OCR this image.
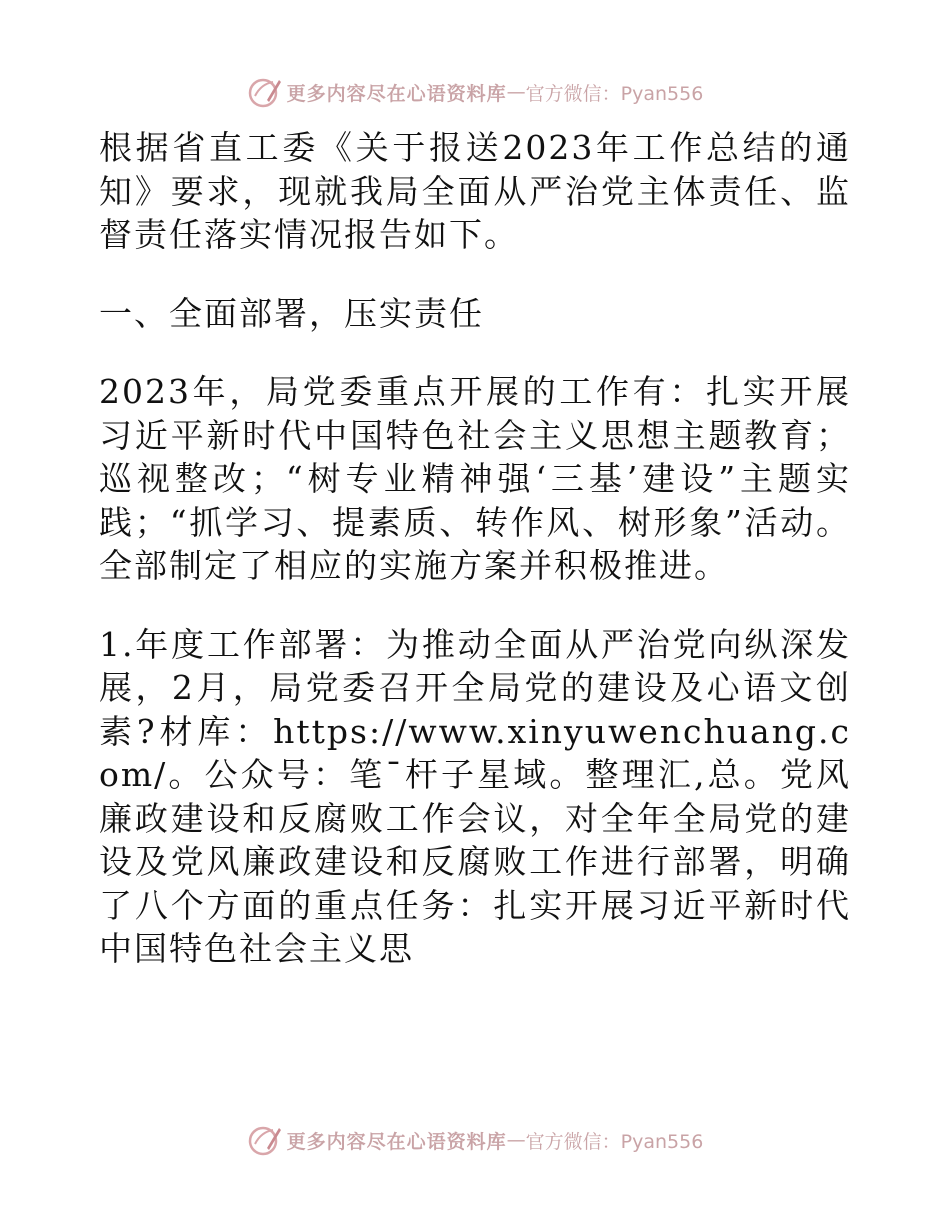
更多内容尽在心语资料库 — 官方微信：Pyan556

根据省直工委《关于报送2023年工作总结的通知》要求，现就我局全面从严治党主体责任、监督责任落实情况报告如下。

一、全面部署，压实责任

2023年，局党委重点开展的工作有：扎实开展习近平新时代中国特色社会主义思想主题教育；巡视整改；“树专业精神强‘三基’建设”主题实践；“抓学习、提素质、转作风、树形象”活动。全部制定了相应的实施方案并积极推进。

1.年度工作部署：为推动全面从严治党向纵深发展，2月，局党委召开全局党的建设及心语文创素?材库：https://www.xinyuwenchuang.com/。公众号：笔¯杆子星域。整理汇,总。党风廉政建设和反腐败工作会议，对全年全局党的建设及党风廉政建设和反腐败工作进行部署，明确了八个方面的重点任务：扎实开展习近平新时代中国特色社会主义思

更多内容尽在心语资料库 — 官方微信：Pyan556
